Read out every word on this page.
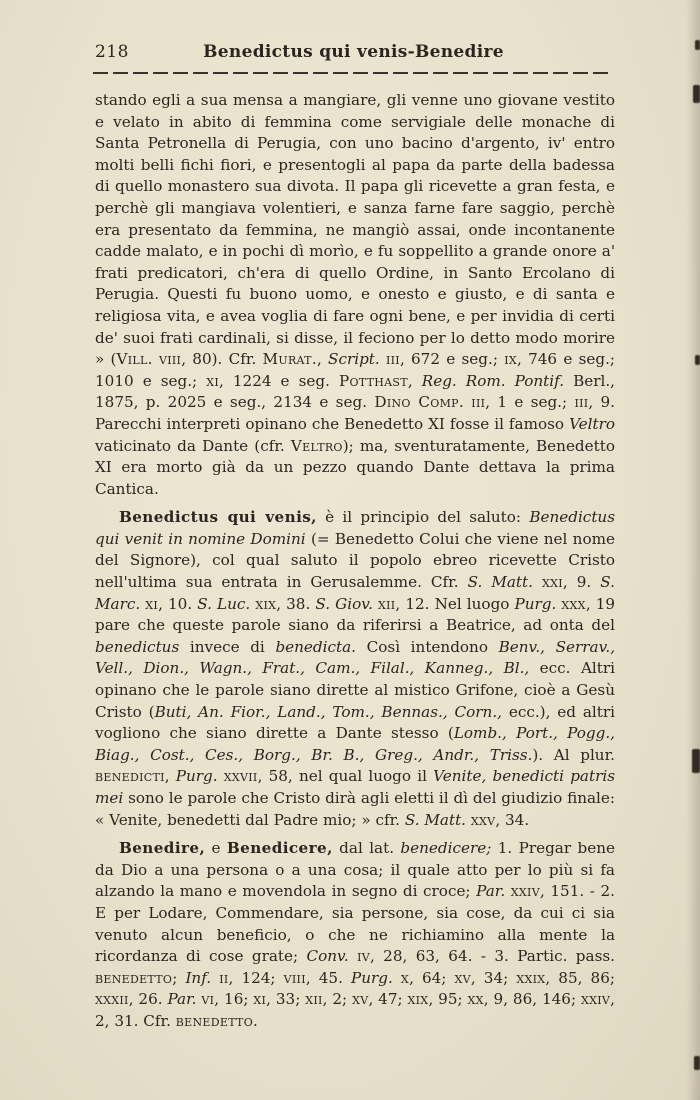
218	Benedictus qui venis-Benedire

stando egli a sua mensa a mangiare, gli venne uno giovane vestito e velato in abito di femmina come servigiale delle monache di Santa Petronella di Perugia, con uno bacino d'argento, iv' entro molti belli fichi fiori, e presentogli al papa da parte della badessa di quello monastero sua divota. Il papa gli ricevette a gran festa, e perchè gli mangiava volentieri, e sanza farne fare saggio, perchè era presentato da femmina, ne mangiò assai, onde incontanente cadde malato, e in pochi dì morìo, e fu soppellito a grande onore a' frati predicatori, ch'era di quello Ordine, in Santo Ercolano di Perugia. Questi fu buono uomo, e onesto e giusto, e di santa e religiosa vita, e avea voglia di fare ogni bene, e per invidia di certi de' suoi frati cardinali, si disse, il feciono per lo detto modo morire » (Vill. viii, 80). Cfr. Murat., Script. iii, 672 e seg.; ix, 746 e seg.; 1010 e seg.; xi, 1224 e seg. Potthast, Reg. Rom. Pontif. Berl., 1875, p. 2025 e seg., 2134 e seg. Dino Comp. iii, 1 e seg.; iii, 9. Parecchi interpreti opinano che Benedetto XI fosse il famoso Veltro vaticinato da Dante (cfr. Veltro); ma, sventuratamente, Benedetto XI era morto già da un pezzo quando Dante dettava la prima Cantica.

Benedictus qui venis, è il principio del saluto: Benedictus qui venit in nomine Domini (= Benedetto Colui che viene nel nome del Signore), col qual saluto il popolo ebreo ricevette Cristo nell'ultima sua entrata in Gerusalemme. Cfr. S. Matt. xxi, 9. S. Marc. xi, 10. S. Luc. xix, 38. S. Giov. xii, 12. Nel luogo Purg. xxx, 19 pare che queste parole siano da riferirsi a Beatrice, ad onta del benedictus invece di benedicta. Così intendono Benv., Serrav., Vell., Dion., Wagn., Frat., Cam., Filal., Kanneg., Bl., ecc. Altri opinano che le parole siano dirette al mistico Grifone, cioè a Gesù Cristo (Buti, An. Fior., Land., Tom., Bennas., Corn., ecc.), ed altri vogliono che siano dirette a Dante stesso (Lomb., Port., Pogg., Biag., Cost., Ces., Borg., Br. B., Greg., Andr., Triss.). Al plur. benedicti, Purg. xxvii, 58, nel qual luogo il Venite, benedicti patris mei sono le parole che Cristo dirà agli eletti il dì del giudizio finale: « Venite, benedetti dal Padre mio; » cfr. S. Matt. xxv, 34.

Benedire, e Benedicere, dal lat. benedicere; 1. Pregar bene da Dio a una persona o a una cosa; il quale atto per lo più si fa alzando la mano e movendola in segno di croce; Par. xxiv, 151. - 2. E per Lodare, Commendare, sia persone, sia cose, da cui ci sia venuto alcun beneficio, o che ne richiamino alla mente la ricordanza di cose grate; Conv. iv, 28, 63, 64. - 3. Partic. pass. benedetto; Inf. ii, 124; viii, 45. Purg. x, 64; xv, 34; xxix, 85, 86; xxxii, 26. Par. vi, 16; xi, 33; xii, 2; xv, 47; xix, 95; xx, 9, 86, 146; xxiv, 2, 31. Cfr. benedetto.
